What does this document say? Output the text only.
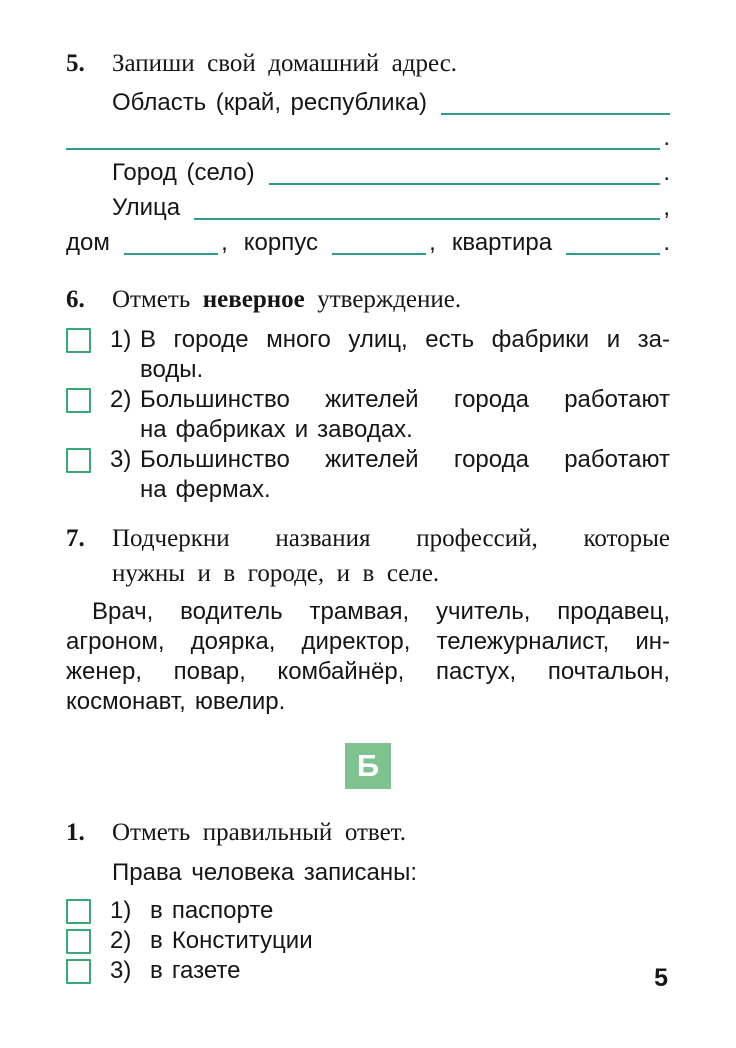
5.	Запиши свой домашний адрес.
Область (край, республика)
.
Город (село)	.
Улица	,
дом	, корпус	, квартира	.
6.	Отметь неверное утверждение.
1) В городе много улиц, есть фабрики и за-
воды.
2) Большинство жителей города работают
на фабриках и заводах.
3) Большинство жителей города работают
на фермах.
7.	Подчеркни названия профессий, которые
нужны и в городе, и в селе.
Врач, водитель трамвая, учитель, продавец,
агроном, доярка, директор, тележурналист, ин-
женер, повар, комбайнёр, пастух, почтальон,
космонавт, ювелир.
Б
1.	Отметь правильный ответ.
Права человека записаны:
1) в паспорте
2) в Конституции
3) в газете	5
